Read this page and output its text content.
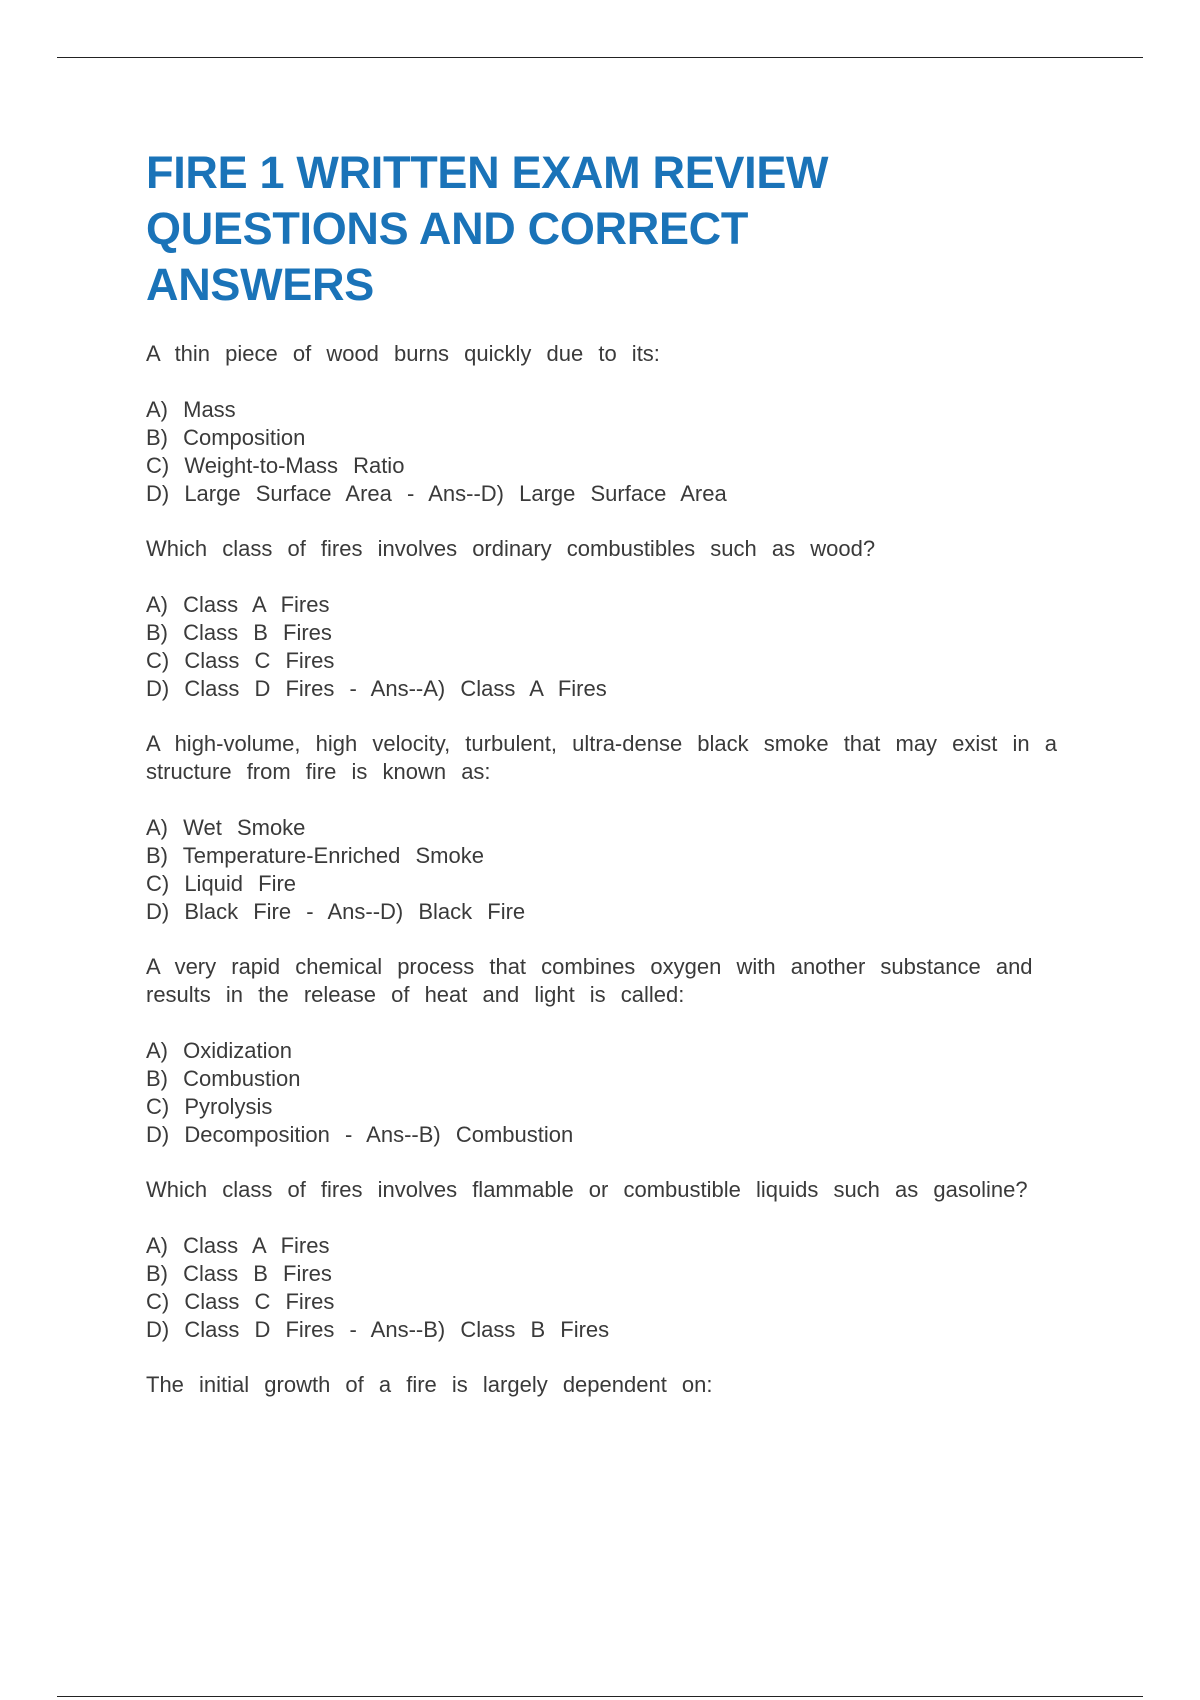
FIRE 1 WRITTEN EXAM REVIEW QUESTIONS AND CORRECT ANSWERS
A thin piece of wood burns quickly due to its:
A) Mass
B) Composition
C) Weight-to-Mass Ratio
D) Large Surface Area - Ans--D) Large Surface Area
Which class of fires involves ordinary combustibles such as wood?
A) Class A Fires
B) Class B Fires
C) Class C Fires
D) Class D Fires - Ans--A) Class A Fires
A high-volume, high velocity, turbulent, ultra-dense black smoke that may exist in a structure from fire is known as:
A) Wet Smoke
B) Temperature-Enriched Smoke
C) Liquid Fire
D) Black Fire - Ans--D) Black Fire
A very rapid chemical process that combines oxygen with another substance and results in the release of heat and light is called:
A) Oxidization
B) Combustion
C) Pyrolysis
D) Decomposition - Ans--B) Combustion
Which class of fires involves flammable or combustible liquids such as gasoline?
A) Class A Fires
B) Class B Fires
C) Class C Fires
D) Class D Fires - Ans--B) Class B Fires
The initial growth of a fire is largely dependent on:
